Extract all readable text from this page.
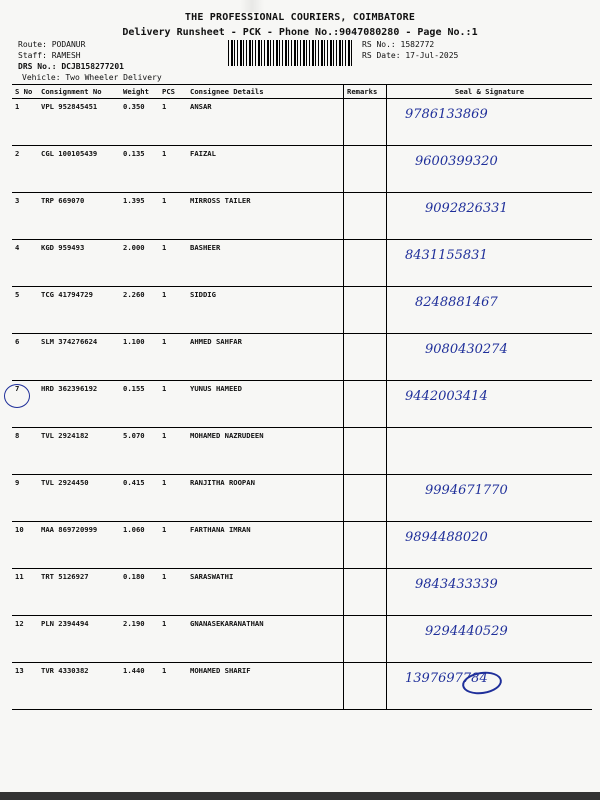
THE PROFESSIONAL COURIERS, COIMBATORE
Delivery Runsheet - PCK - Phone No.:9047080280 - Page No.:1
Route: PODANUR
Staff: RAMESH
DRS No.: DCJB158277201
Vehicle: Two Wheeler Delivery
RS No.: 1582772
RS Date: 17-Jul-2025
S No	Consignment No	Weight	PCS	Consignee Details	Remarks	Seal & Signature
1	VPL 952845451	0.350	1	ANSAR		9786133869
2	CGL 100105439	0.135	1	FAIZAL		9600399320
3	TRP 669070	1.395	1	MIRROSS TAILER		9092826331
4	KGD 959493	2.000	1	BASHEER		8431155831
5	TCG 41794729	2.260	1	SIDDIG		8248881467
6	SLM 374276624	1.100	1	AHMED SAHFAR		9080430274
7	HRD 362396192	0.155	1	YUNUS HAMEED		9442003414
8	TVL 2924182	5.070	1	MOHAMED NAZRUDEEN		
9	TVL 2924450	0.415	1	RANJITHA ROOPAN		9994671770
10	MAA 869720999	1.060	1	FARTHANA IMRAN		9894488020
11	TRT 5126927	0.180	1	SARASWATHI		9843433339
12	PLN 2394494	2.190	1	GNANASEKARANATHAN		9294440529
13	TVR 4330382	1.440	1	MOHAMED SHARIF		1397697784
